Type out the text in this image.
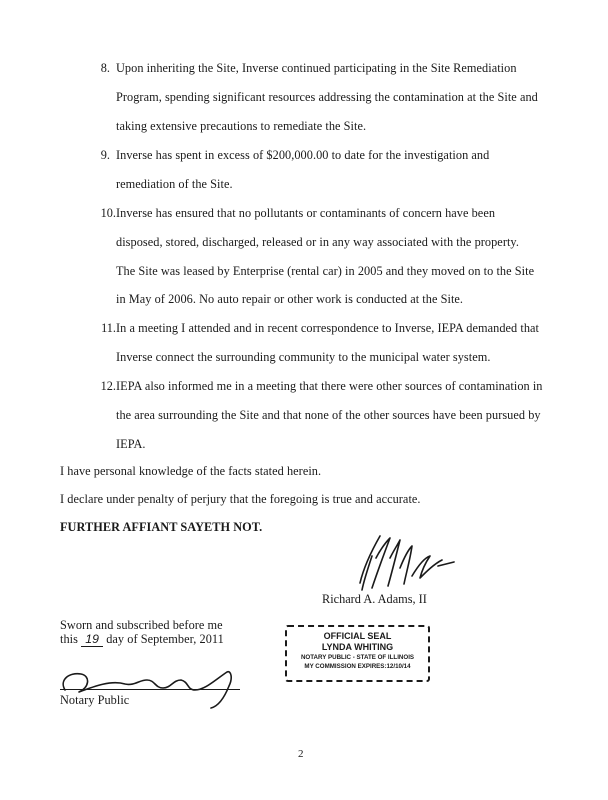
8. Upon inheriting the Site, Inverse continued participating in the Site Remediation
Program, spending significant resources addressing the contamination at the Site and
taking extensive precautions to remediate the Site.
9. Inverse has spent in excess of $200,000.00 to date for the investigation and
remediation of the Site.
10. Inverse has ensured that no pollutants or contaminants of concern have been
disposed, stored, discharged, released or in any way associated with the property.
The Site was leased by Enterprise (rental car) in 2005 and they moved on to the Site
in May of 2006. No auto repair or other work is conducted at the Site.
11. In a meeting I attended and in recent correspondence to Inverse, IEPA demanded that
Inverse connect the surrounding community to the municipal water system.
12. IEPA also informed me in a meeting that there were other sources of contamination in
the area surrounding the Site and that none of the other sources have been pursued by
IEPA.
I have personal knowledge of the facts stated herein.
I declare under penalty of perjury that the foregoing is true and accurate.
FURTHER AFFIANT SAYETH NOT.
Richard A. Adams, II
Sworn and subscribed before me
this 19 day of September, 2011
Notary Public
OFFICIAL SEAL
LYNDA WHITING
NOTARY PUBLIC - STATE OF ILLINOIS
MY COMMISSION EXPIRES:12/10/14
2
